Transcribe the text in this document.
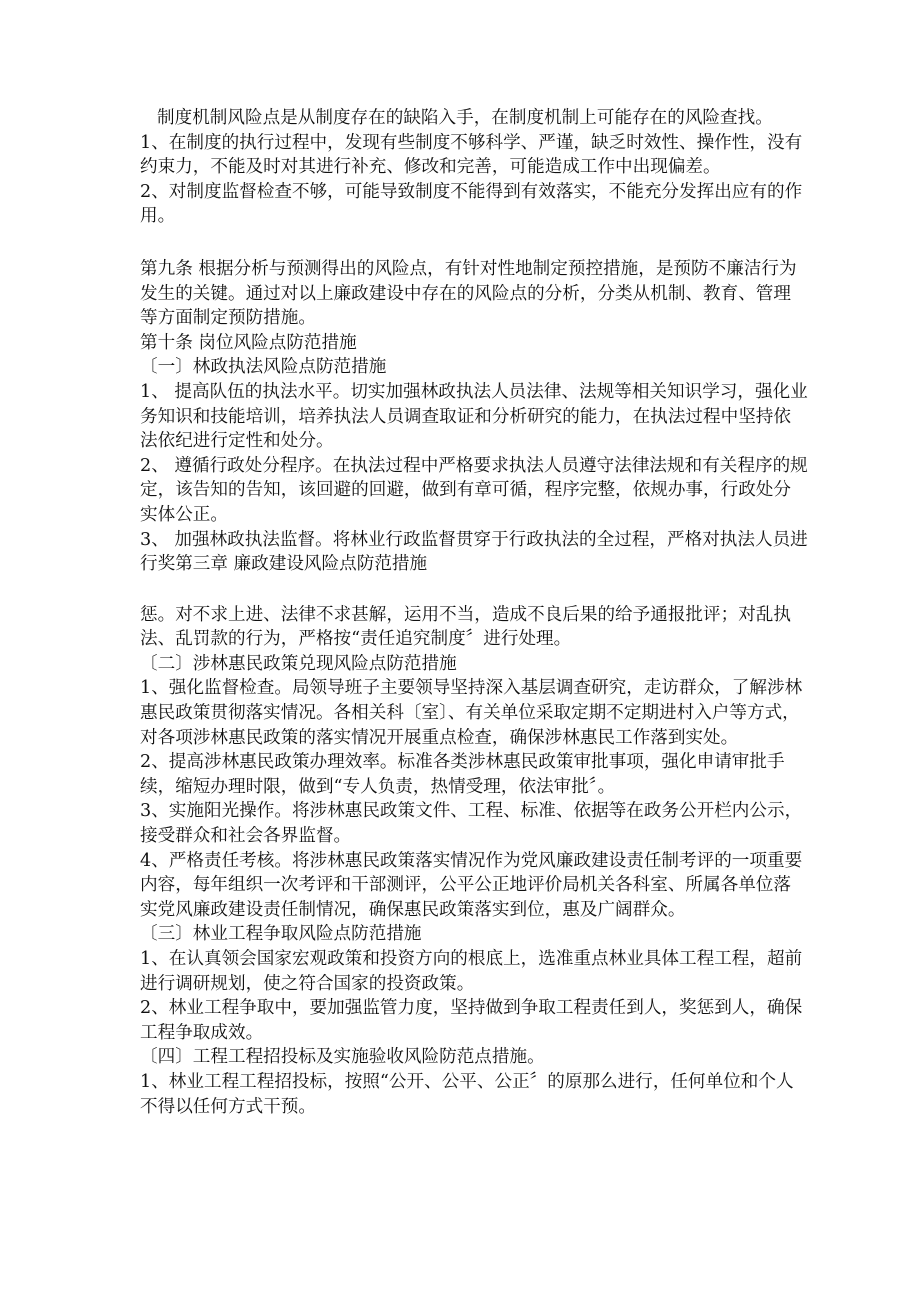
制度机制风险点是从制度存在的缺陷入手，在制度机制上可能存在的风险查找。

1、在制度的执行过程中，发现有些制度不够科学、严谨，缺乏时效性、操作性，没有约束力，不能及时对其进行补充、修改和完善，可能造成工作中出现偏差。

2、对制度监督检查不够，可能导致制度不能得到有效落实，不能充分发挥出应有的作用。

第九条 根据分析与预测得出的风险点，有针对性地制定预控措施，是预防不廉洁行为发生的关键。通过对以上廉政建设中存在的风险点的分析，分类从机制、教育、管理等方面制定预防措施。

第十条 岗位风险点防范措施

〔一〕林政执法风险点防范措施

1、 提高队伍的执法水平。切实加强林政执法人员法律、法规等相关知识学习，强化业务知识和技能培训，培养执法人员调查取证和分析研究的能力，在执法过程中坚持依法依纪进行定性和处分。

2、 遵循行政处分程序。在执法过程中严格要求执法人员遵守法律法规和有关程序的规定，该告知的告知，该回避的回避，做到有章可循，程序完整，依规办事，行政处分实体公正。

3、 加强林政执法监督。将林业行政监督贯穿于行政执法的全过程，严格对执法人员进行奖第三章 廉政建设风险点防范措施

惩。对不求上进、法律不求甚解，运用不当，造成不良后果的给予通报批评；对乱执法、乱罚款的行为，严格按“责任追究制度〞进行处理。

〔二〕涉林惠民政策兑现风险点防范措施

1、强化监督检查。局领导班子主要领导坚持深入基层调查研究，走访群众，了解涉林惠民政策贯彻落实情况。各相关科〔室〕、有关单位采取定期不定期进村入户等方式，对各项涉林惠民政策的落实情况开展重点检查，确保涉林惠民工作落到实处。

2、提高涉林惠民政策办理效率。标准各类涉林惠民政策审批事项，强化申请审批手续，缩短办理时限，做到“专人负责，热情受理，依法审批〞。

3、实施阳光操作。将涉林惠民政策文件、工程、标准、依据等在政务公开栏内公示，接受群众和社会各界监督。

4、严格责任考核。将涉林惠民政策落实情况作为党风廉政建设责任制考评的一项重要内容，每年组织一次考评和干部测评，公平公正地评价局机关各科室、所属各单位落实党风廉政建设责任制情况，确保惠民政策落实到位，惠及广阔群众。

〔三〕林业工程争取风险点防范措施

1、在认真领会国家宏观政策和投资方向的根底上，选准重点林业具体工程工程，超前进行调研规划，使之符合国家的投资政策。

2、林业工程争取中，要加强监管力度，坚持做到争取工程责任到人，奖惩到人，确保工程争取成效。

〔四〕工程工程招投标及实施验收风险防范点措施。

1、林业工程工程招投标，按照“公开、公平、公正〞的原那么进行，任何单位和个人不得以任何方式干预。
